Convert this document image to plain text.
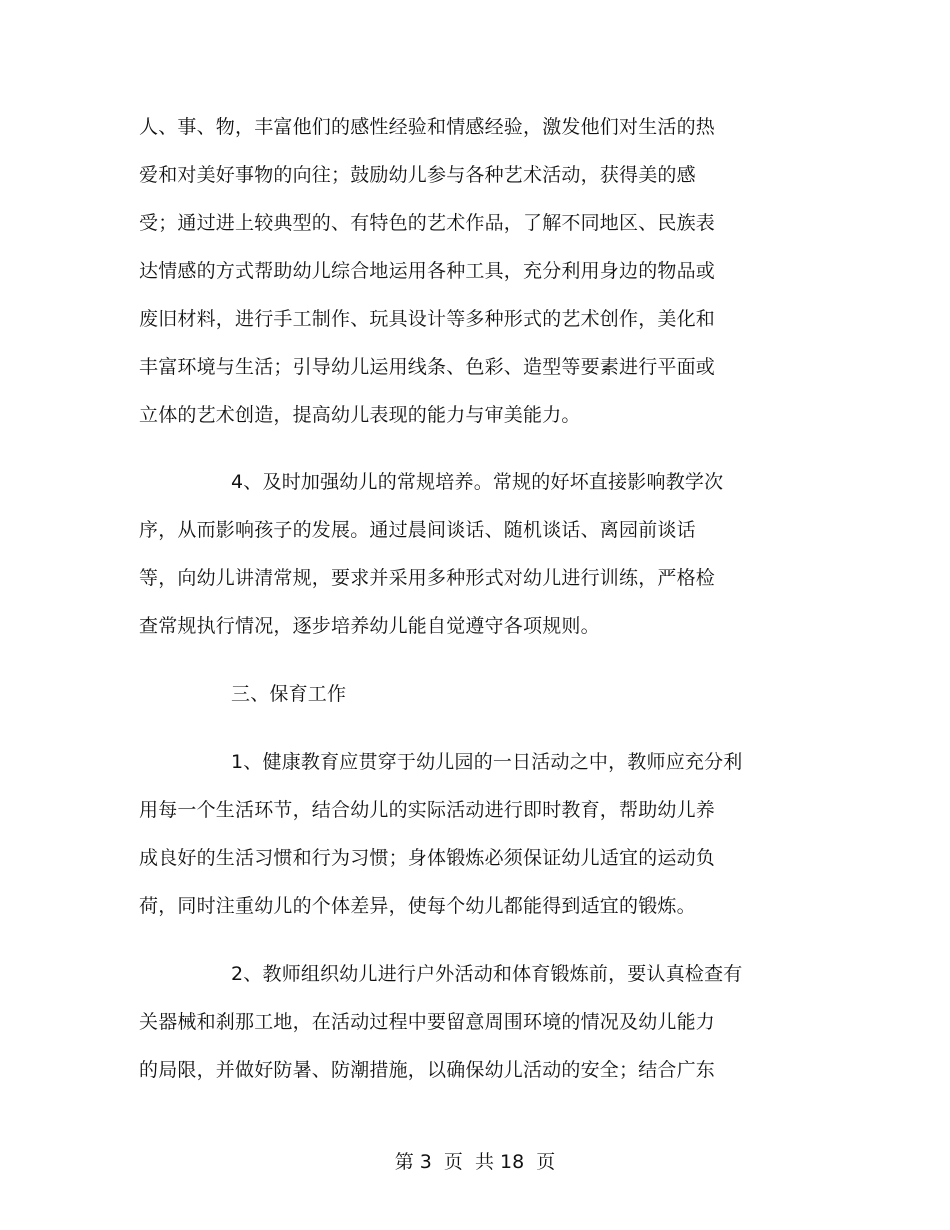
人、事、物，丰富他们的感性经验和情感经验，激发他们对生活的热
爱和对美好事物的向往；鼓励幼儿参与各种艺术活动，获得美的感
受；通过进上较典型的、有特色的艺术作品，了解不同地区、民族表
达情感的方式帮助幼儿综合地运用各种工具，充分利用身边的物品或
废旧材料，进行手工制作、玩具设计等多种形式的艺术创作，美化和
丰富环境与生活；引导幼儿运用线条、色彩、造型等要素进行平面或
立体的艺术创造，提高幼儿表现的能力与审美能力。
4、及时加强幼儿的常规培养。常规的好坏直接影响教学次
序，从而影响孩子的发展。通过晨间谈话、随机谈话、离园前谈话
等，向幼儿讲清常规，要求并采用多种形式对幼儿进行训练，严格检
查常规执行情况，逐步培养幼儿能自觉遵守各项规则。
三、保育工作
1、健康教育应贯穿于幼儿园的一日活动之中，教师应充分利
用每一个生活环节，结合幼儿的实际活动进行即时教育，帮助幼儿养
成良好的生活习惯和行为习惯；身体锻炼必须保证幼儿适宜的运动负
荷，同时注重幼儿的个体差异，使每个幼儿都能得到适宜的锻炼。
2、教师组织幼儿进行户外活动和体育锻炼前，要认真检查有
关器械和刹那工地，在活动过程中要留意周围环境的情况及幼儿能力
的局限，并做好防暑、防潮措施，以确保幼儿活动的安全；结合广东
第 3  页  共 18  页
